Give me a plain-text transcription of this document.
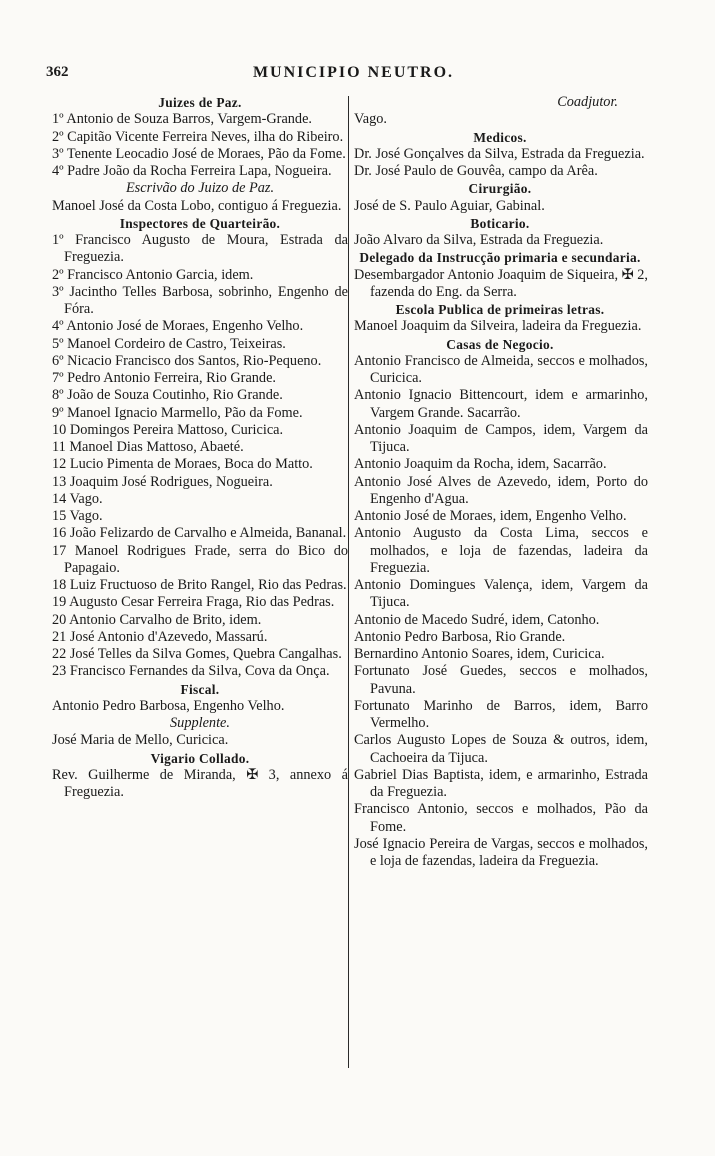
362	MUNICIPIO NEUTRO.
Juizes de Paz.
1º Antonio de Souza Barros, Vargem-Grande.
2º Capitão Vicente Ferreira Neves, ilha do Ribeiro.
3º Tenente Leocadio José de Moraes, Pão da Fome.
4º Padre João da Rocha Ferreira Lapa, Nogueira.
Escrivão do Juizo de Paz.
Manoel José da Costa Lobo, contiguo á Freguezia.
Inspectores de Quarteirão.
1º Francisco Augusto de Moura, Estrada da Freguezia.
2º Francisco Antonio Garcia, idem.
3º Jacintho Telles Barbosa, sobrinho, Engenho de Fóra.
4º Antonio José de Moraes, Engenho Velho.
5º Manoel Cordeiro de Castro, Teixeiras.
6º Nicacio Francisco dos Santos, Rio-Pequeno.
7º Pedro Antonio Ferreira, Rio Grande.
8º João de Souza Coutinho, Rio Grande.
9º Manoel Ignacio Marmello, Pão da Fome.
10 Domingos Pereira Mattoso, Curicica.
11 Manoel Dias Mattoso, Abaeté.
12 Lucio Pimenta de Moraes, Boca do Matto.
13 Joaquim José Rodrigues, Nogueira.
14 Vago.
15 Vago.
16 João Felizardo de Carvalho e Almeida, Bananal.
17 Manoel Rodrigues Frade, serra do Bico do Papagaio.
18 Luiz Fructuoso de Brito Rangel, Rio das Pedras.
19 Augusto Cesar Ferreira Fraga, Rio das Pedras.
20 Antonio Carvalho de Brito, idem.
21 José Antonio d'Azevedo, Massarú.
22 José Telles da Silva Gomes, Quebra Cangalhas.
23 Francisco Fernandes da Silva, Cova da Onça.
Fiscal.
Antonio Pedro Barbosa, Engenho Velho.
Supplente.
José Maria de Mello, Curicica.
Vigario Collado.
Rev. Guilherme de Miranda, ✠ 3, annexo á Freguezia.
Coadjutor.
Vago.
Medicos.
Dr. José Gonçalves da Silva, Estrada da Freguezia.
Dr. José Paulo de Gouvêa, campo da Arêa.
Cirurgião.
José de S. Paulo Aguiar, Gabinal.
Boticario.
João Alvaro da Silva, Estrada da Freguezia.
Delegado da Instrucção primaria e secundaria.
Desembargador Antonio Joaquim de Siqueira, ✠ 2, fazenda do Eng. da Serra.
Escola Publica de primeiras letras.
Manoel Joaquim da Silveira, ladeira da Freguezia.
Casas de Negocio.
Antonio Francisco de Almeida, seccos e molhados, Curicica.
Antonio Ignacio Bittencourt, idem e armarinho, Vargem Grande. Sacarrão.
Antonio Joaquim de Campos, idem, Vargem da Tijuca.
Antonio Joaquim da Rocha, idem, Sacarrão.
Antonio José Alves de Azevedo, idem, Porto do Engenho d'Agua.
Antonio José de Moraes, idem, Engenho Velho.
Antonio Augusto da Costa Lima, seccos e molhados, e loja de fazendas, ladeira da Freguezia.
Antonio Domingues Valença, idem, Vargem da Tijuca.
Antonio de Macedo Sudré, idem, Catonho.
Antonio Pedro Barbosa, Rio Grande.
Bernardino Antonio Soares, idem, Curicica.
Fortunato José Guedes, seccos e molhados, Pavuna.
Fortunato Marinho de Barros, idem, Barro Vermelho.
Carlos Augusto Lopes de Souza & outros, idem, Cachoeira da Tijuca.
Gabriel Dias Baptista, idem, e armarinho, Estrada da Freguezia.
Francisco Antonio, seccos e molhados, Pão da Fome.
José Ignacio Pereira de Vargas, seccos e molhados, e loja de fazendas, ladeira da Freguezia.
